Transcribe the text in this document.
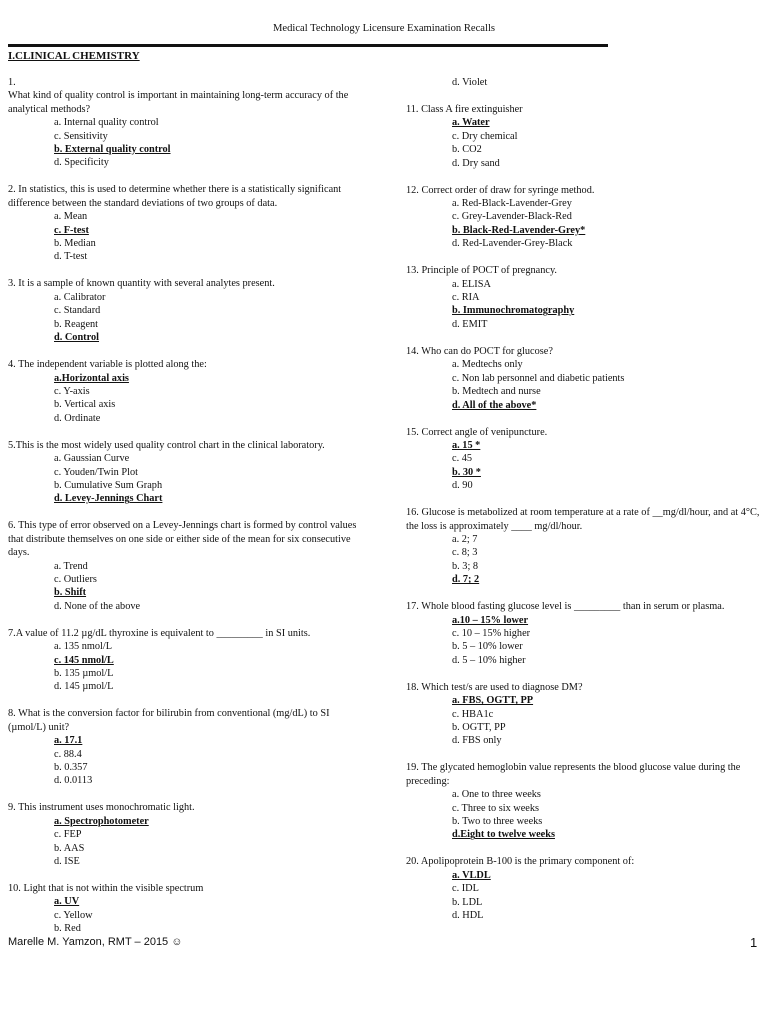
Medical Technology Licensure Examination Recalls
I.CLINICAL CHEMISTRY
1.
What kind of quality control is important in maintaining long-term accuracy of the analytical methods?
a. Internal quality control
c. Sensitivity
b. External quality control
d. Specificity
2. In statistics, this is used to determine whether there is a statistically significant difference between the standard deviations of two groups of data.
a. Mean
c. F-test
b. Median
d. T-test
3. It is a sample of known quantity with several analytes present.
a. Calibrator
c. Standard
b. Reagent
d. Control
4. The independent variable is plotted along the:
a.Horizontal axis
c. Y-axis
b. Vertical axis
d. Ordinate
5.This is the most widely used quality control chart in the clinical laboratory.
a. Gaussian Curve
c. Youden/Twin Plot
b. Cumulative Sum Graph
d. Levey-Jennings Chart
6. This type of error observed on a Levey-Jennings chart is formed by control values that distribute themselves on one side or either side of the mean for six consecutive days.
a. Trend
c. Outliers
b. Shift
d. None of the above
7.A value of 11.2 µg/dL thyroxine is equivalent to _________ in SI units.
a. 135 nmol/L
c. 145 nmol/L
b. 135 µmol/L
d. 145 µmol/L
8. What is the conversion factor for bilirubin from conventional (mg/dL) to SI (µmol/L) unit?
a. 17.1
c. 88.4
b. 0.357
d. 0.0113
9. This instrument uses monochromatic light.
a. Spectrophotometer
c. FEP
b. AAS
d. ISE
10. Light that is not within the visible spectrum
a. UV
c. Yellow
b. Red
d. Violet
11. Class A fire extinguisher
a. Water
c. Dry chemical
b. CO2
d. Dry sand
12. Correct order of draw for syringe method.
a. Red-Black-Lavender-Grey
c. Grey-Lavender-Black-Red
b. Black-Red-Lavender-Grey*
d. Red-Lavender-Grey-Black
13. Principle of POCT of pregnancy.
a. ELISA
c. RIA
b. Immunochromatography
d. EMIT
14. Who can do POCT for glucose?
a. Medtechs only
c. Non lab personnel and diabetic patients
b. Medtech and nurse
d. All of the above*
15. Correct angle of venipuncture.
a. 15 *
c. 45
b. 30 *
d. 90
16. Glucose is metabolized at room temperature at a rate of __mg/dl/hour, and at 4°C, the loss is approximately ____ mg/dl/hour.
a. 2; 7
c. 8; 3
b. 3; 8
d. 7; 2
17. Whole blood fasting glucose level is _________ than in serum or plasma.
a.10 – 15% lower
c. 10 – 15% higher
b. 5 – 10% lower
d. 5 – 10% higher
18. Which test/s are used to diagnose DM?
a. FBS, OGTT, PP
c. HBA1c
b. OGTT, PP
d. FBS only
19. The glycated hemoglobin value represents the blood glucose value during the preceding:
a. One to three weeks
c. Three to six weeks
b. Two to three weeks
d.Eight to twelve weeks
20. Apolipoprotein B-100 is the primary component of:
a. VLDL
c. IDL
b. LDL
d. HDL
Marelle M. Yamzon, RMT – 2015 ☺	1
